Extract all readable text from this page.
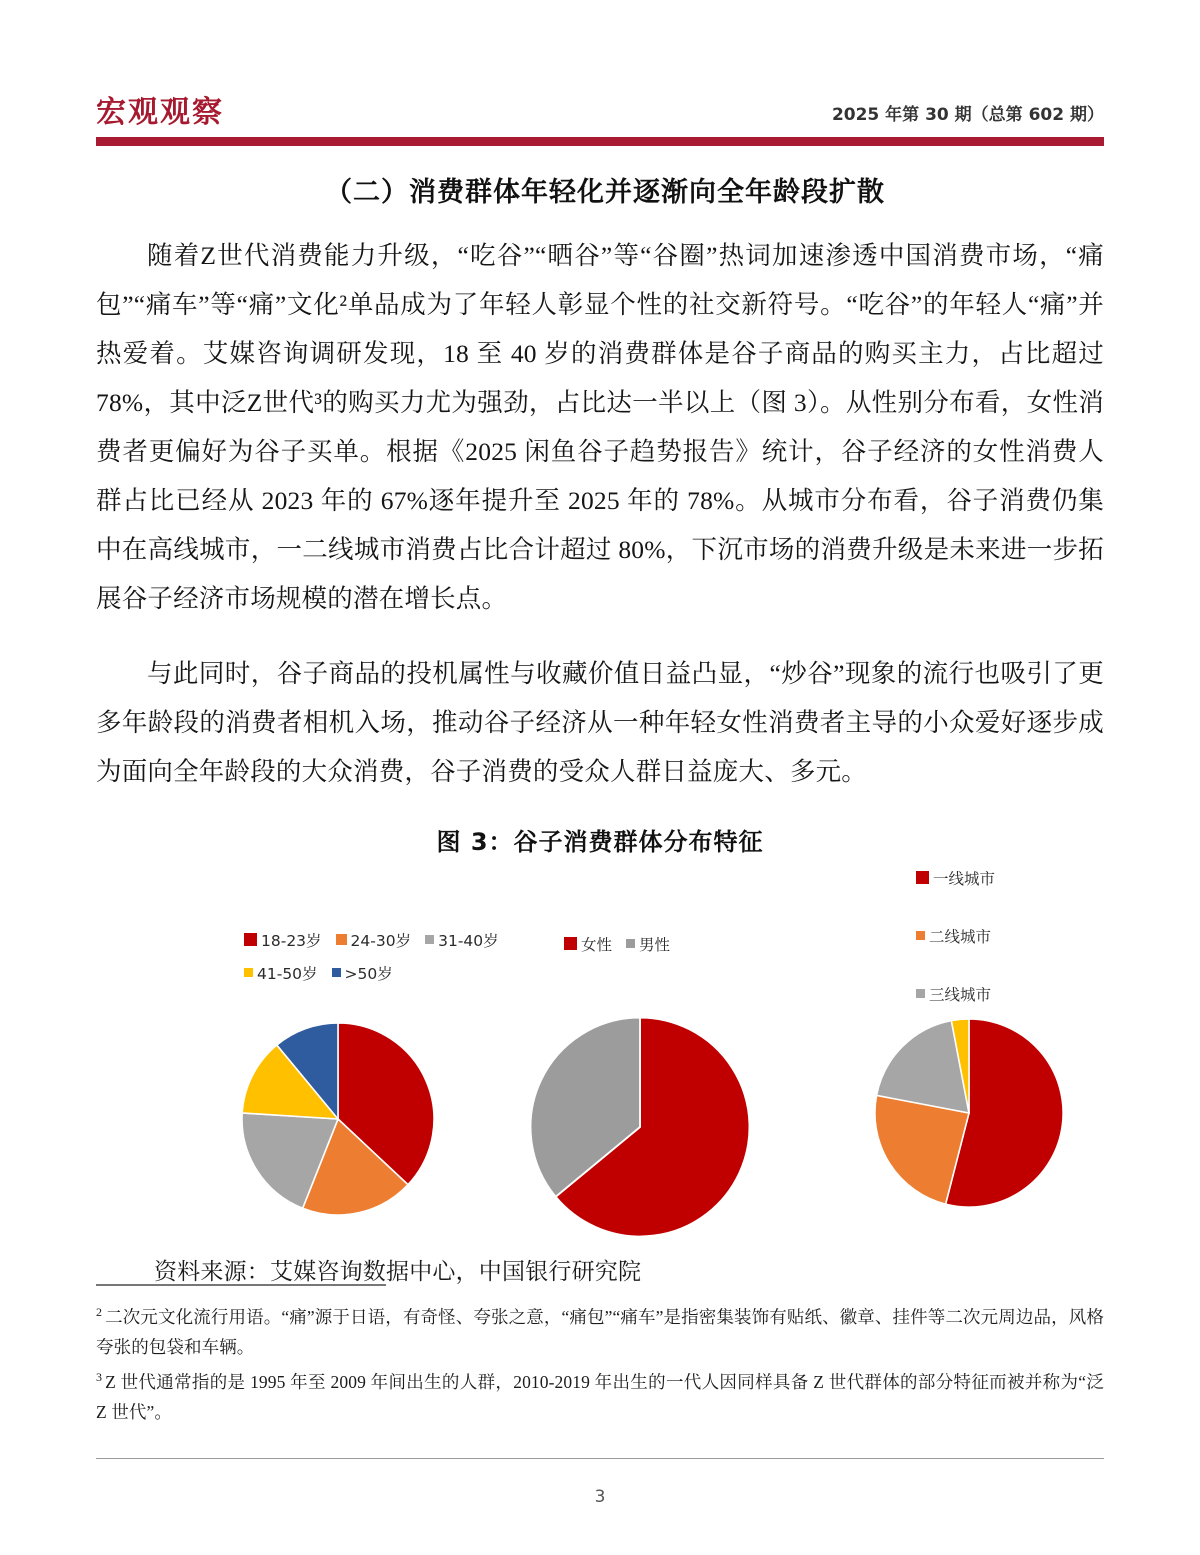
宏观观察	2025 年第 30 期（总第 602 期）
（二）消费群体年轻化并逐渐向全年龄段扩散

随着Z世代消费能力升级，“吃谷”“晒谷”等“谷圈”热词加速渗透中国消费市场，“痛包”“痛车”等“痛”文化²单品成为了年轻人彰显个性的社交新符号。“吃谷”的年轻人“痛”并热爱着。艾媒咨询调研发现，18 至 40 岁的消费群体是谷子商品的购买主力，占比超过 78%，其中泛Z世代³的购买力尤为强劲，占比达一半以上（图 3）。从性别分布看，女性消费者更偏好为谷子买单。根据《2025 闲鱼谷子趋势报告》统计，谷子经济的女性消费人群占比已经从 2023 年的 67%逐年提升至 2025 年的 78%。从城市分布看，谷子消费仍集中在高线城市，一二线城市消费占比合计超过 80%，下沉市场的消费升级是未来进一步拓展谷子经济市场规模的潜在增长点。

与此同时，谷子商品的投机属性与收藏价值日益凸显，“炒谷”现象的流行也吸引了更多年龄段的消费者相机入场，推动谷子经济从一种年轻女性消费者主导的小众爱好逐步成为面向全年龄段的大众消费，谷子消费的受众人群日益庞大、多元。

图 3：谷子消费群体分布特征
18-23岁 24-30岁 31-40岁
41-50岁 >50岁
女性 男性
一线城市
二线城市
三线城市
资料来源：艾媒咨询数据中心，中国银行研究院
$^2$ 二次元文化流行用语。“痛”源于日语，有奇怪、夸张之意，“痛包”“痛车”是指密集装饰有贴纸、徽章、挂件等二次元周边品，风格夸张的包袋和车辆。
$^3$ Z 世代通常指的是 1995 年至 2009 年间出生的人群，2010-2019 年出生的一代人因同样具备 Z 世代群体的部分特征而被并称为“泛 Z 世代”。
3
